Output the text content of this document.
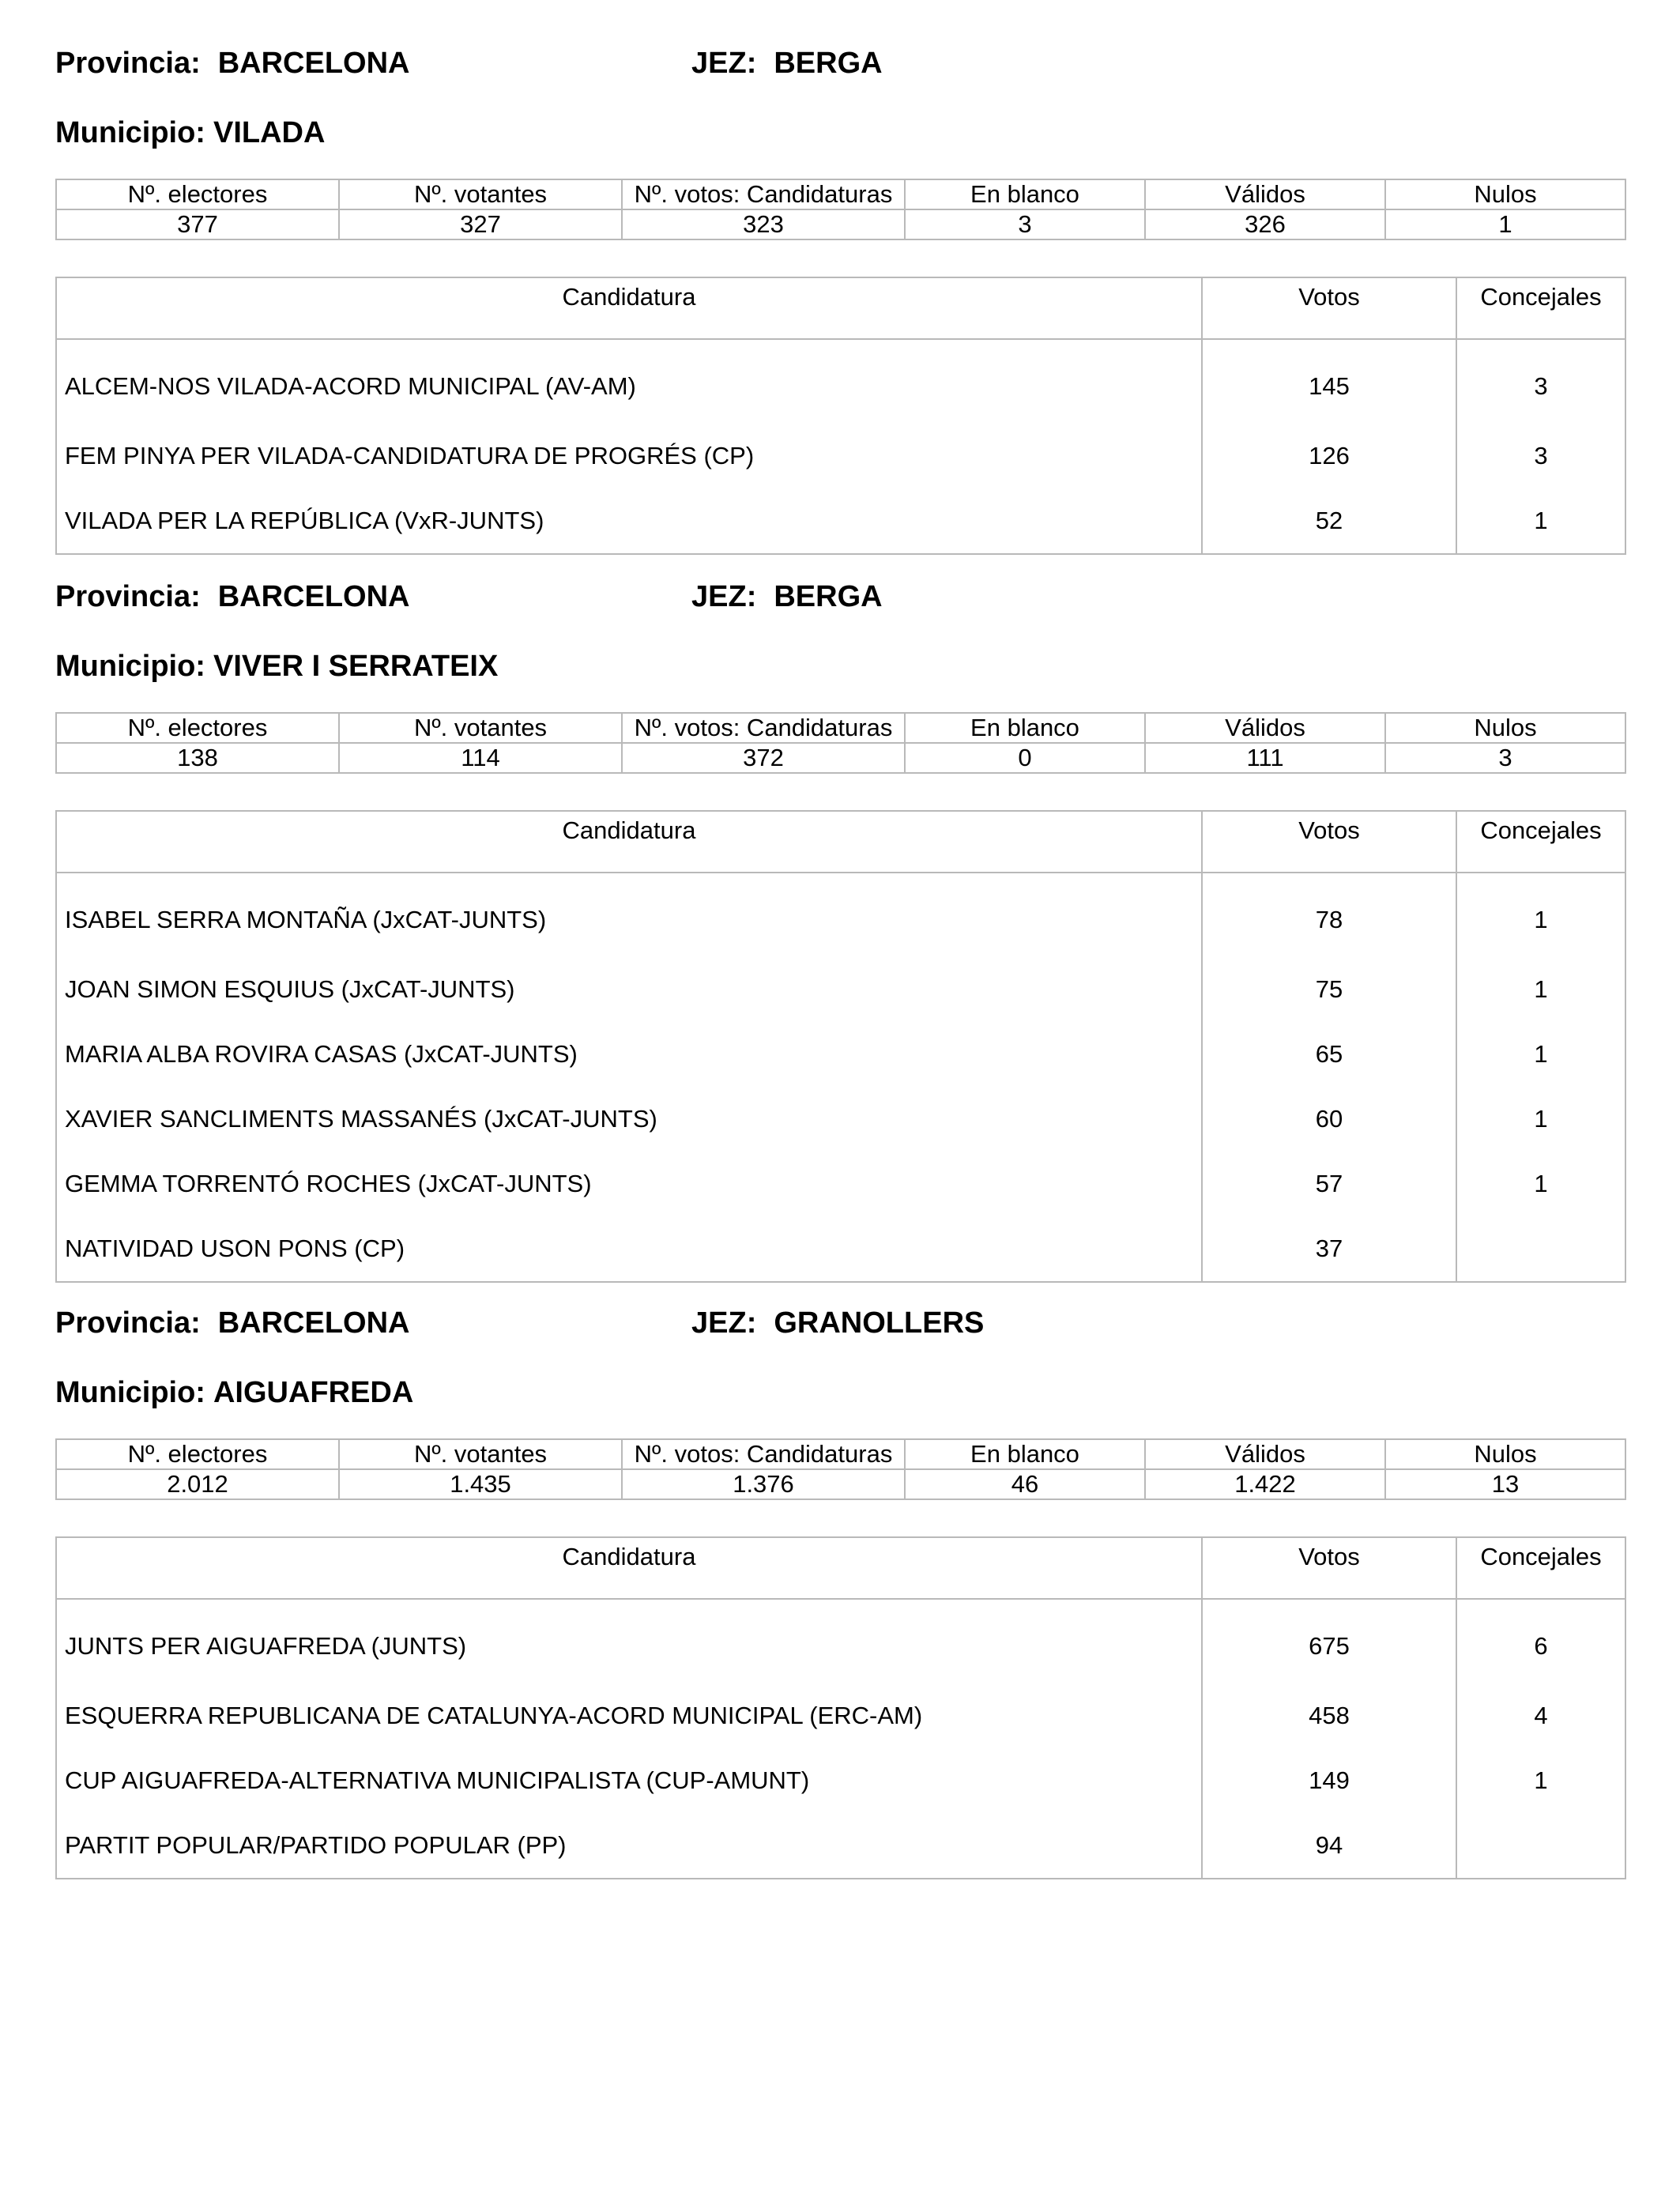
Provincia: BARCELONA	JEZ: BERGA
Municipio: VILADA
Nº. electores	Nº. votantes	Nº. votos: Candidaturas	En blanco	Válidos	Nulos
377	327	323	3	326	1
Candidatura	Votos	Concejales
ALCEM-NOS VILADA-ACORD MUNICIPAL (AV-AM)	145	3
FEM PINYA PER VILADA-CANDIDATURA DE PROGRÉS (CP)	126	3
VILADA PER LA REPÚBLICA (VxR-JUNTS)	52	1
Provincia: BARCELONA	JEZ: BERGA
Municipio: VIVER I SERRATEIX
Nº. electores	Nº. votantes	Nº. votos: Candidaturas	En blanco	Válidos	Nulos
138	114	372	0	111	3
Candidatura	Votos	Concejales
ISABEL SERRA MONTAÑA (JxCAT-JUNTS)	78	1
JOAN SIMON ESQUIUS (JxCAT-JUNTS)	75	1
MARIA ALBA ROVIRA CASAS (JxCAT-JUNTS)	65	1
XAVIER SANCLIMENTS MASSANÉS (JxCAT-JUNTS)	60	1
GEMMA TORRENTÓ ROCHES (JxCAT-JUNTS)	57	1
NATIVIDAD USON PONS (CP)	37	
Provincia: BARCELONA	JEZ: GRANOLLERS
Municipio: AIGUAFREDA
Nº. electores	Nº. votantes	Nº. votos: Candidaturas	En blanco	Válidos	Nulos
2.012	1.435	1.376	46	1.422	13
Candidatura	Votos	Concejales
JUNTS PER AIGUAFREDA (JUNTS)	675	6
ESQUERRA REPUBLICANA DE CATALUNYA-ACORD MUNICIPAL (ERC-AM)	458	4
CUP AIGUAFREDA-ALTERNATIVA MUNICIPALISTA (CUP-AMUNT)	149	1
PARTIT POPULAR/PARTIDO POPULAR (PP)	94	
